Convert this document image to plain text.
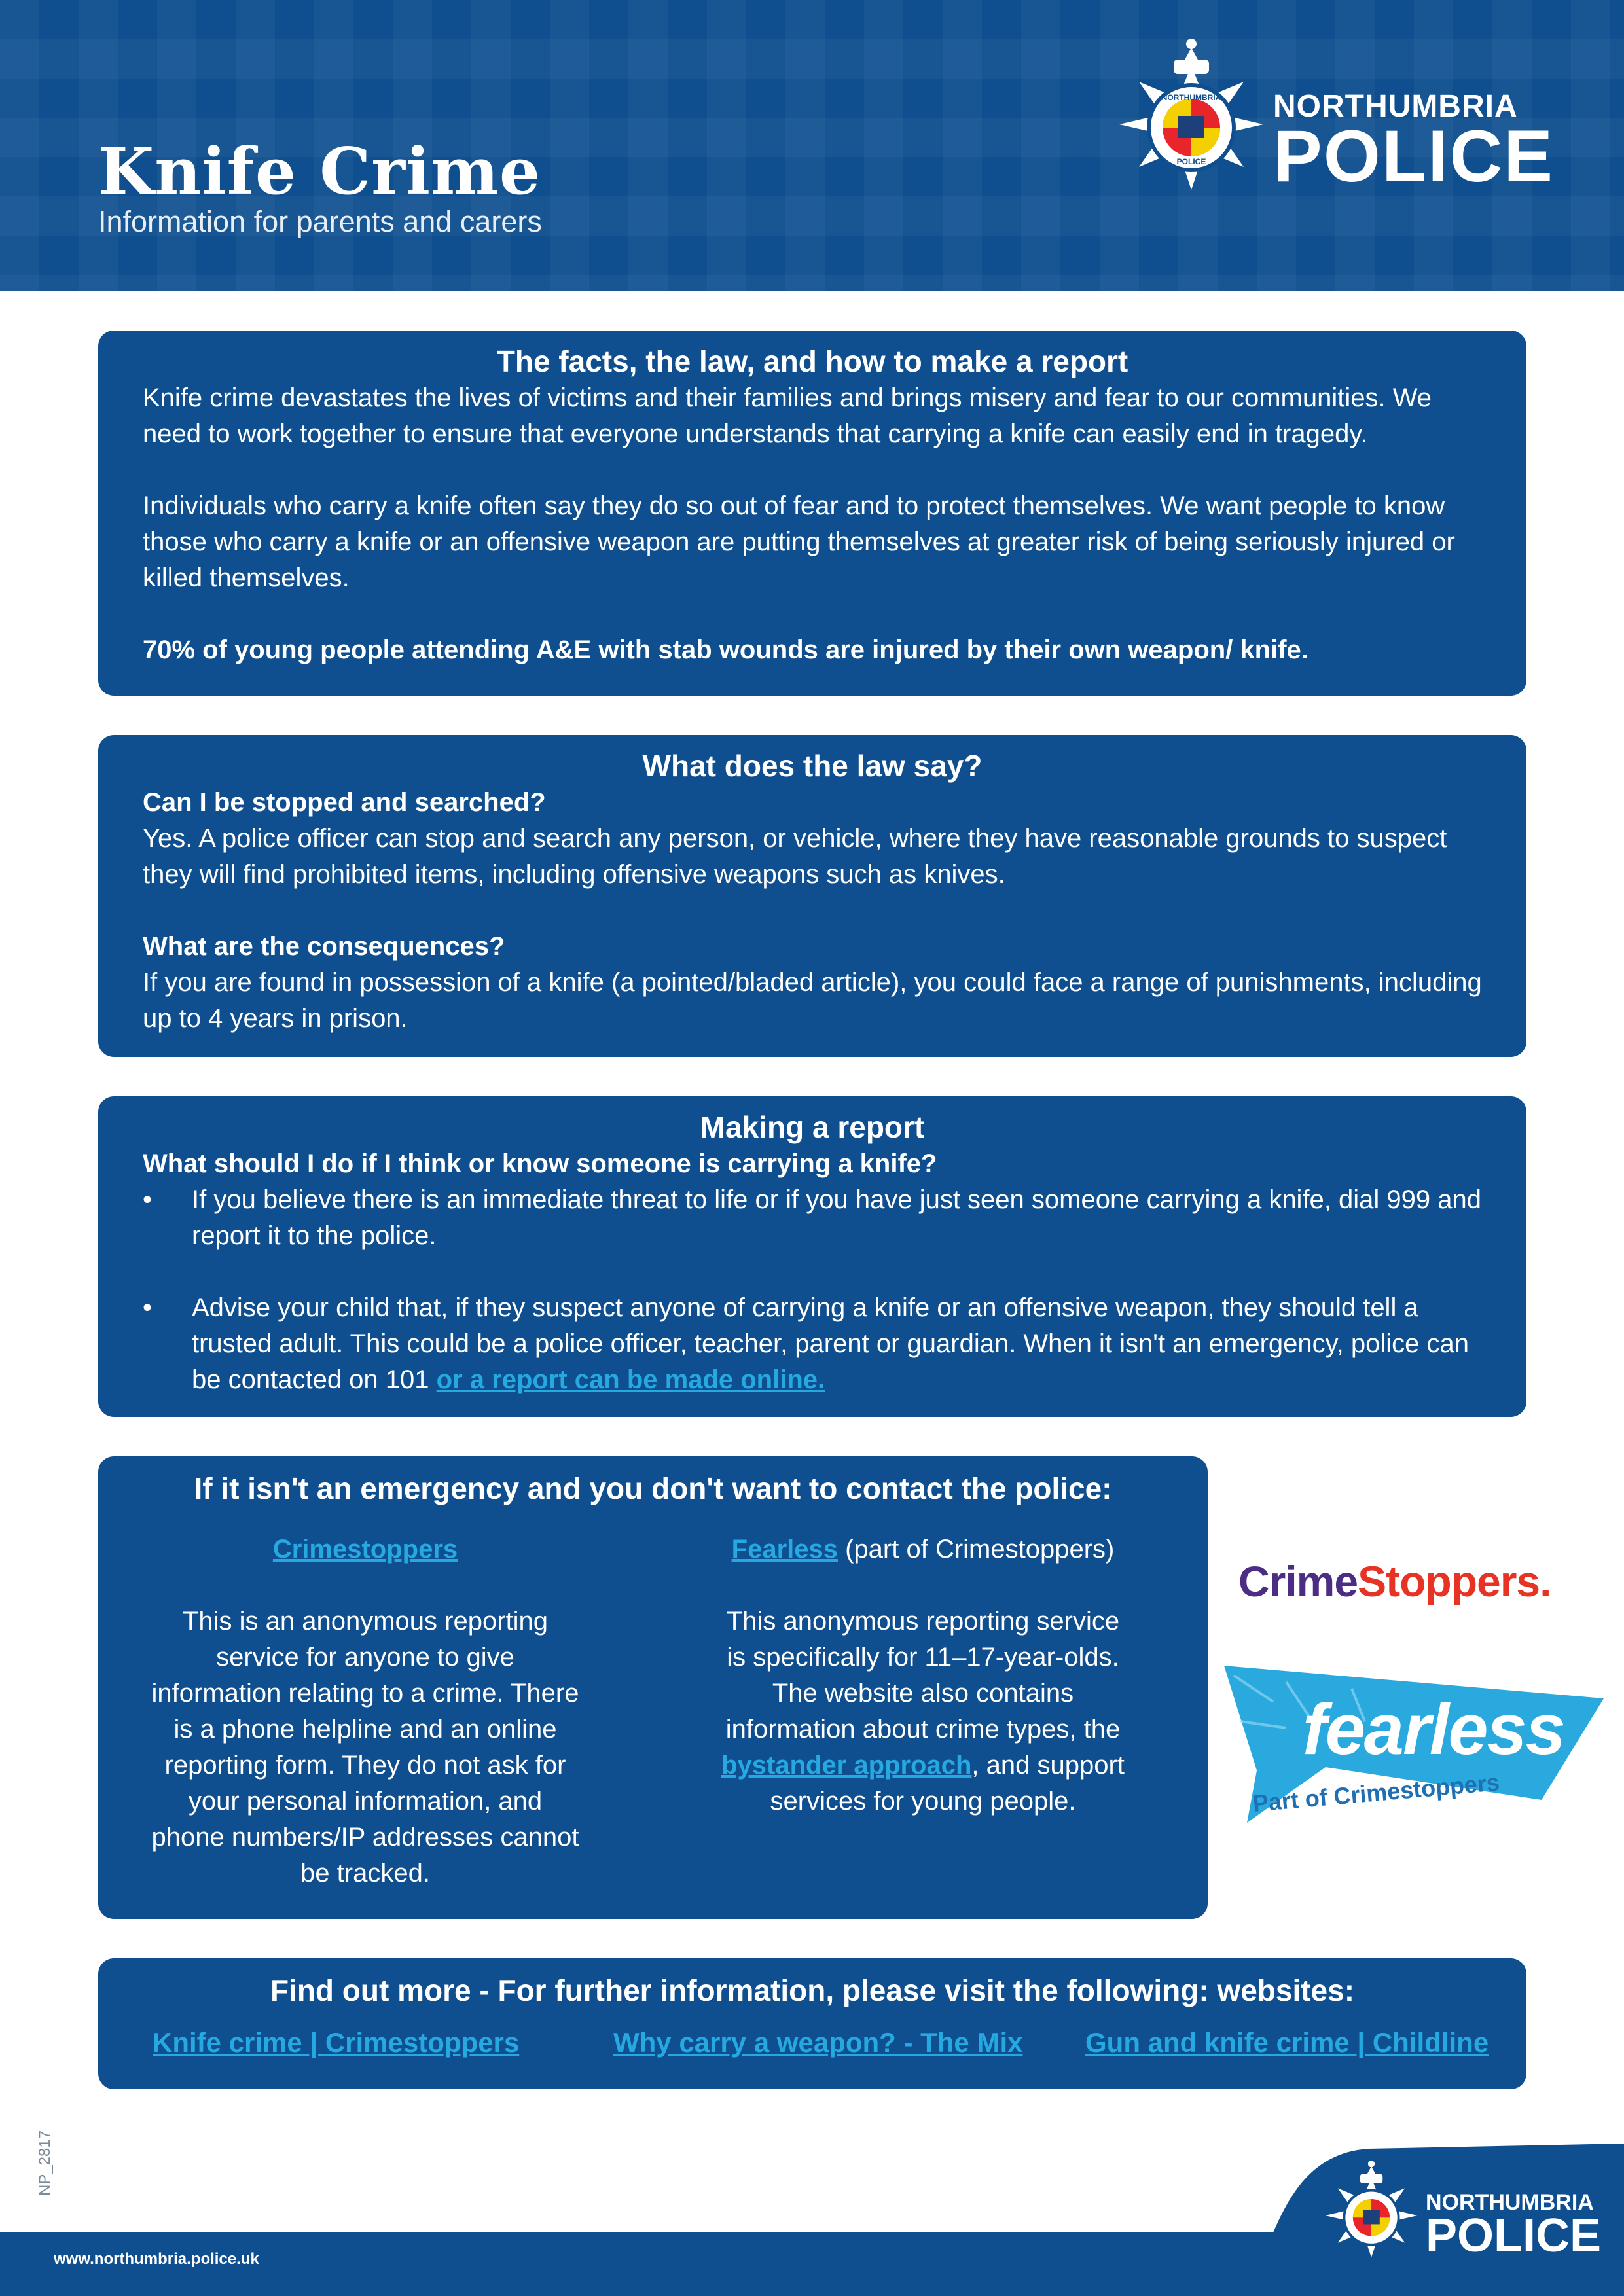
Knife Crime
Information for parents and carers
NORTHUMBRIA
POLICE
NORTHUMBRIA
POLICE
The facts, the law, and how to make a report
Knife crime devastates the lives of victims and their families and brings misery and fear to our communities. We need to work together to ensure that everyone understands that carrying a knife can easily end in tragedy.
Individuals who carry a knife often say they do so out of fear and to protect themselves. We want people to know those who carry a knife or an offensive weapon are putting themselves at greater risk of being seriously injured or killed themselves.
70% of young people attending A&E with stab wounds are injured by their own weapon/ knife.
What does the law say?
Can I be stopped and searched?
Yes. A police officer can stop and search any person, or vehicle, where they have reasonable grounds to suspect they will find prohibited items, including offensive weapons such as knives.
What are the consequences?
If you are found in possession of a knife (a pointed/bladed article), you could face a range of punishments, including up to 4 years in prison.
Making a report
What should I do if I think or know someone is carrying a knife?
• If you believe there is an immediate threat to life or if you have just seen someone carrying a knife, dial 999 and report it to the police.
• Advise your child that, if they suspect anyone of carrying a knife or an offensive weapon, they should tell a trusted adult. This could be a police officer, teacher, parent or guardian. When it isn't an emergency, police can be contacted on 101 or a report can be made online.
If it isn't an emergency and you don't want to contact the police:
Crimestoppers
This is an anonymous reporting service for anyone to give information relating to a crime. There is a phone helpline and an online reporting form. They do not ask for your personal information, and phone numbers/IP addresses cannot be tracked.
Fearless (part of Crimestoppers)
This anonymous reporting service is specifically for 11–17-year-olds. The website also contains information about crime types, the bystander approach, and support services for young people.
CrimeStoppers.
fearless
Part of Crimestoppers
Find out more - For further information, please visit the following: websites:
Knife crime | Crimestoppers	Why carry a weapon? - The Mix Gun and knife crime | Childline
NP_2817
NORTHUMBRIA
POLICE
www.northumbria.police.uk
